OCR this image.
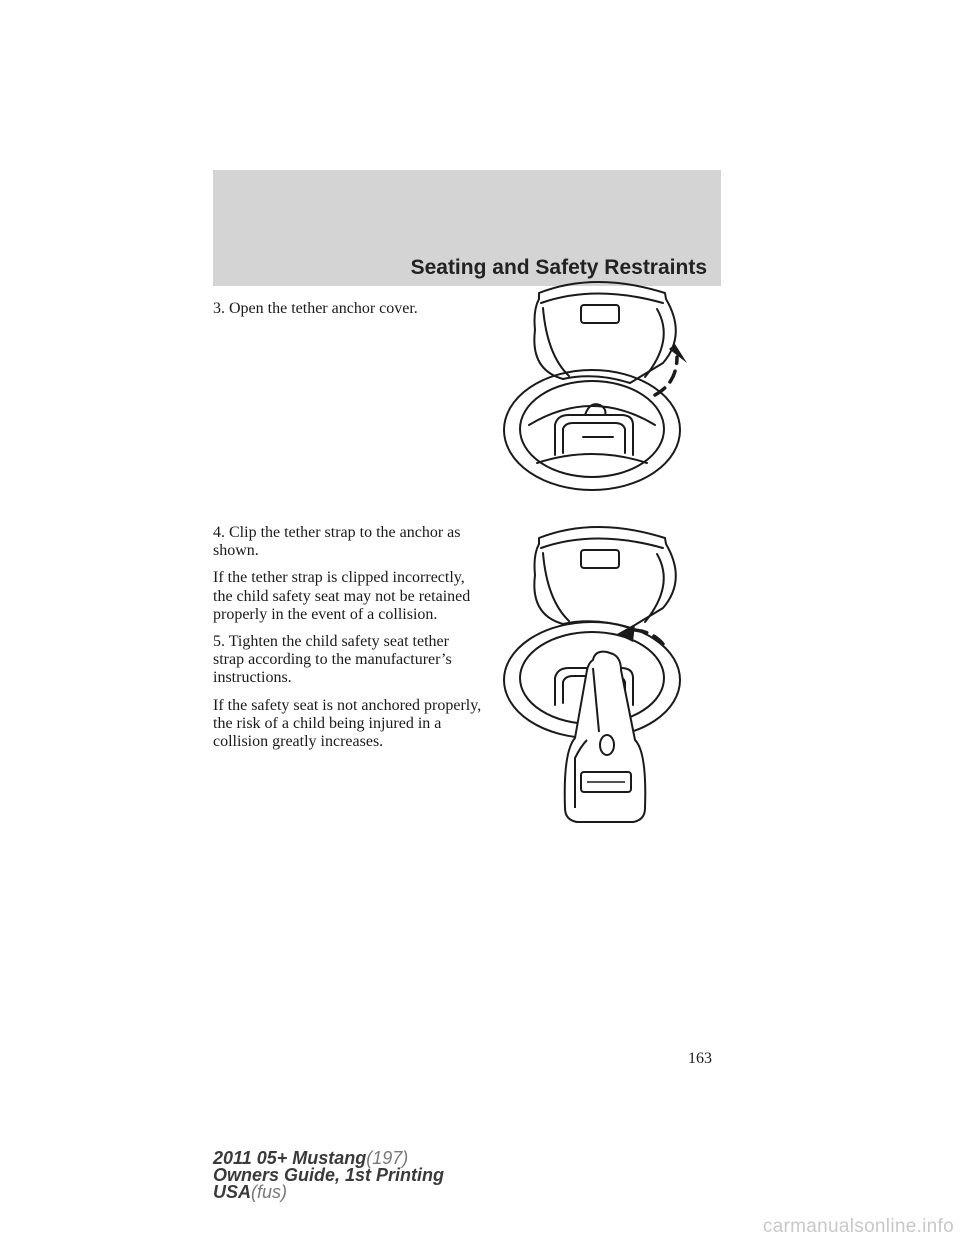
Seating and Safety Restraints

3. Open the tether anchor cover.

4. Clip the tether strap to the anchor as shown.

If the tether strap is clipped incorrectly, the child safety seat may not be retained properly in the event of a collision.

5. Tighten the child safety seat tether strap according to the manufacturer’s instructions.

If the safety seat is not anchored properly, the risk of a child being injured in a collision greatly increases.

163
2011 05+ Mustang(197)
Owners Guide, 1st Printing
USA(fus)
carmanualsonline.info
